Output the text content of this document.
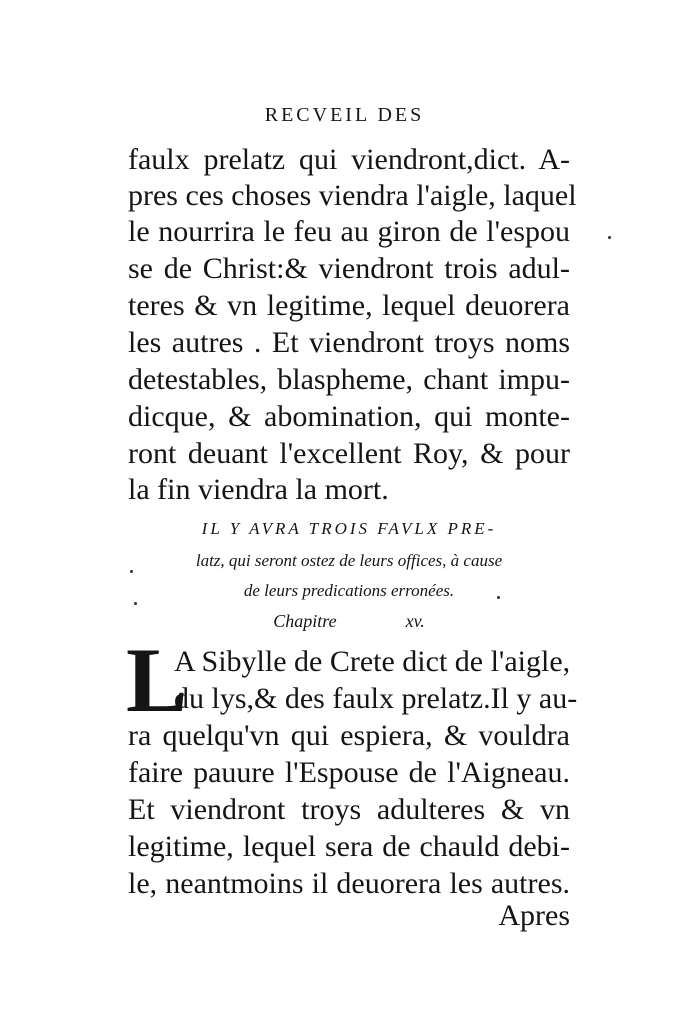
RECVEIL DES
faulx prelatz qui viendront,dict. A-
pres ces choses viendra l'aigle, laquel
le nourrira le feu au giron de l'espou
se de Christ:& viendront trois adul-
teres & vn legitime, lequel deuorera
les autres . Et viendront troys noms
detestables, blaspheme, chant impu-
dicque, & abomination, qui monte-
ront deuant l'excellent Roy, & pour
la fin viendra la mort.
IL Y AVRA TROIS FAVLX PRE-
latz, qui seront ostez de leurs offices, à cause
de leurs predications erronées.
Chapitre	xv.
L
A Sibylle de Crete dict de l'aigle,
du lys,& des faulx prelatz.Il y au-
ra quelqu'vn qui espiera, & vouldra
faire pauure l'Espouse de l'Aigneau.
Et viendront troys adulteres & vn
legitime, lequel sera de chauld debi-
le, neantmoins il deuorera les autres.
Apres
